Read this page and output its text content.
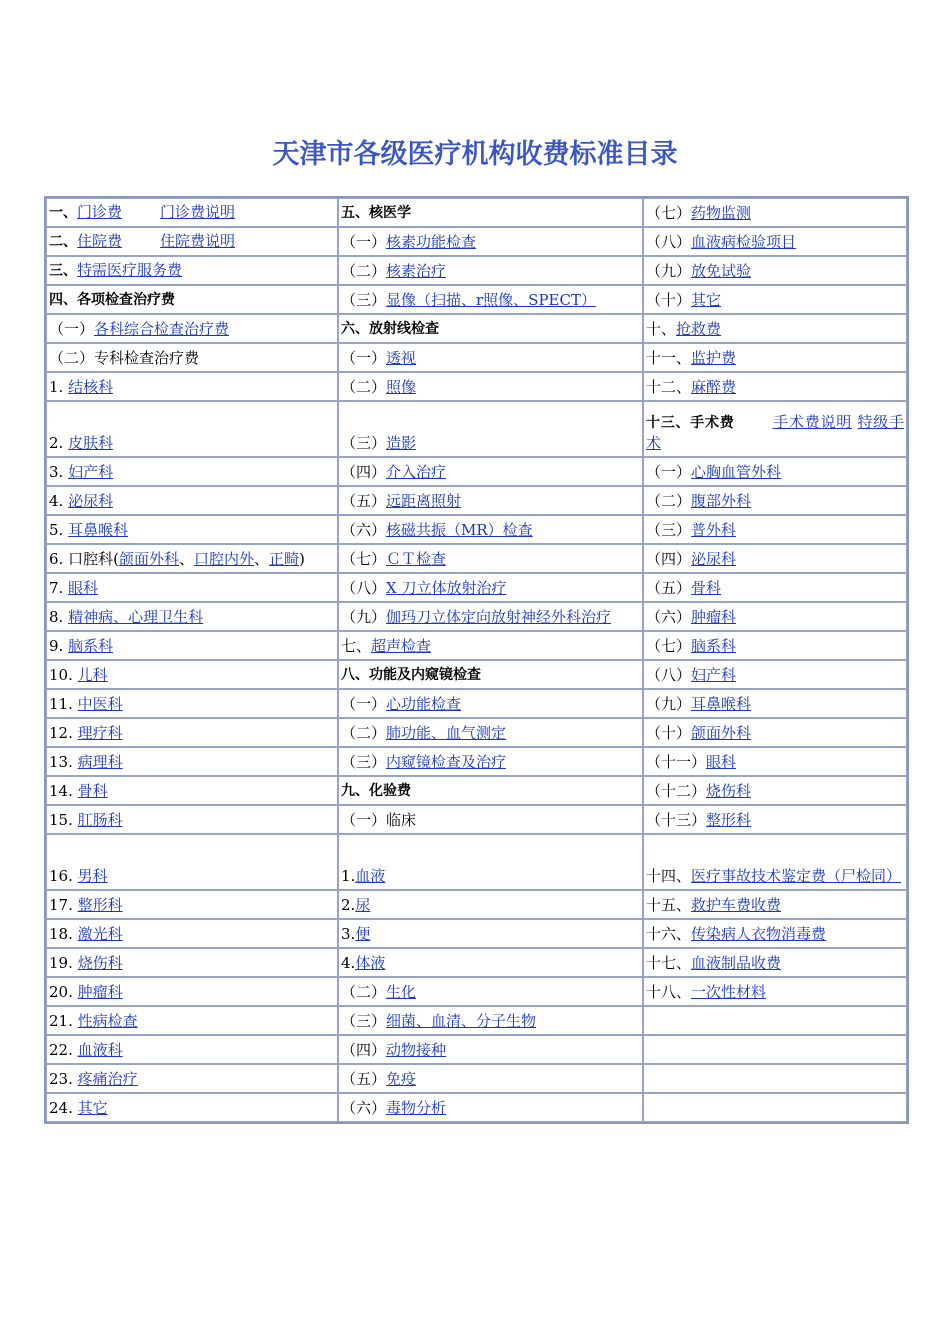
天津市各级医疗机构收费标准目录
一、门诊费 门诊费说明	五、核医学	（七）药物监测
二、住院费 住院费说明	（一）核素功能检查	（八）血液病检验项目
三、特需医疗服务费	（二）核素治疗	（九）放免试验
四、各项检查治疗费	（三）显像（扫描、r照像、SPECT）	（十）其它
（一）各科综合检查治疗费	六、放射线检查	十、抢救费
（二）专科检查治疗费	（一）透视	十一、监护费
1. 结核科	（二）照像	十二、麻醉费
2. 皮肤科	（三）造影	十三、手术费 手术费说明 特级手术
3. 妇产科	（四）介入治疗	（一）心胸血管外科
4. 泌尿科	（五）远距离照射	（二）腹部外科
5. 耳鼻喉科	（六）核磁共振（MR）检查	（三）普外科
6. 口腔科(颌面外科、口腔内外、正畸)	（七）ＣＴ检查	（四）泌尿科
7. 眼科	（八）X 刀立体放射治疗	（五）骨科
8. 精神病、心理卫生科	（九）伽玛刀立体定向放射神经外科治疗	（六）肿瘤科
9. 脑系科	七、超声检查	（七）脑系科
10. 儿科	八、功能及内窥镜检查	（八）妇产科
11. 中医科	（一）心功能检查	（九）耳鼻喉科
12. 理疗科	（二）肺功能、血气测定	（十）颌面外科
13. 病理科	（三）内窥镜检查及治疗	（十一）眼科
14. 骨科	九、化验费	（十二）烧伤科
15. 肛肠科	（一）临床	（十三）整形科
16. 男科	1.血液	十四、医疗事故技术鉴定费（尸检同）
17. 整形科	2.尿	十五、救护车费收费
18. 激光科	3.便	十六、传染病人衣物消毒费
19. 烧伤科	4.体液	十七、血液制品收费
20. 肿瘤科	（二）生化	十八、一次性材料
21. 性病检查	（三）细菌、血清、分子生物	
22. 血液科	（四）动物接种	
23. 疼痛治疗	（五）免疫	
24. 其它	（六）毒物分析	
